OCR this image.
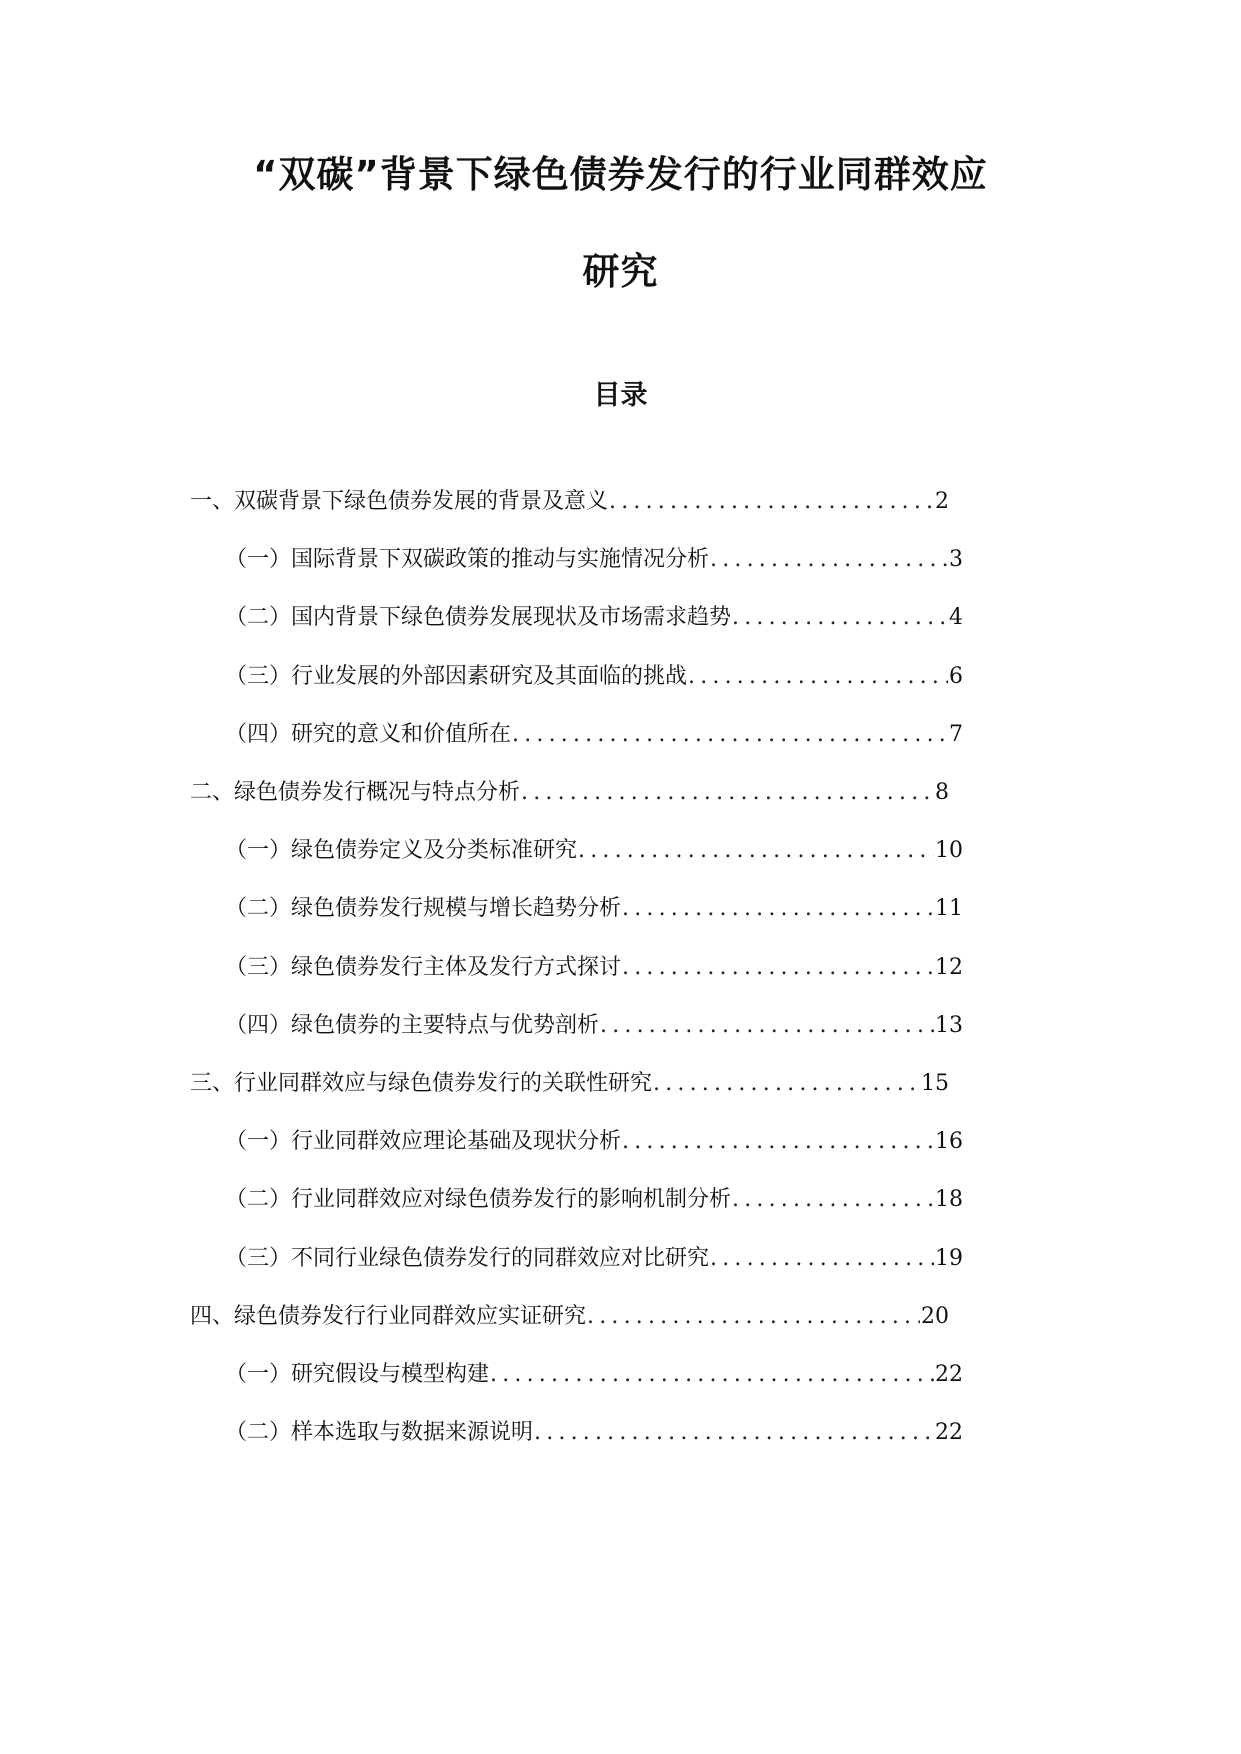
“双碳”背景下绿色债券发行的行业同群效应
研究
目录
一、双碳背景下绿色债券发展的背景及意义 .....	2
（一）国际背景下双碳政策的推动与实施情况分析 .....	3
（二）国内背景下绿色债券发展现状及市场需求趋势 .....	4
（三）行业发展的外部因素研究及其面临的挑战 .....	6
（四）研究的意义和价值所在 .....	7
二、绿色债券发行概况与特点分析 .....	8
（一）绿色债券定义及分类标准研究 .....	10
（二）绿色债券发行规模与增长趋势分析 .....	11
（三）绿色债券发行主体及发行方式探讨 .....	12
（四）绿色债券的主要特点与优势剖析 .....	13
三、行业同群效应与绿色债券发行的关联性研究 .....	15
（一）行业同群效应理论基础及现状分析 .....	16
（二）行业同群效应对绿色债券发行的影响机制分析 .....	18
（三）不同行业绿色债券发行的同群效应对比研究 .....	19
四、绿色债券发行行业同群效应实证研究 .....	20
（一）研究假设与模型构建 .....	22
（二）样本选取与数据来源说明 .....	22
